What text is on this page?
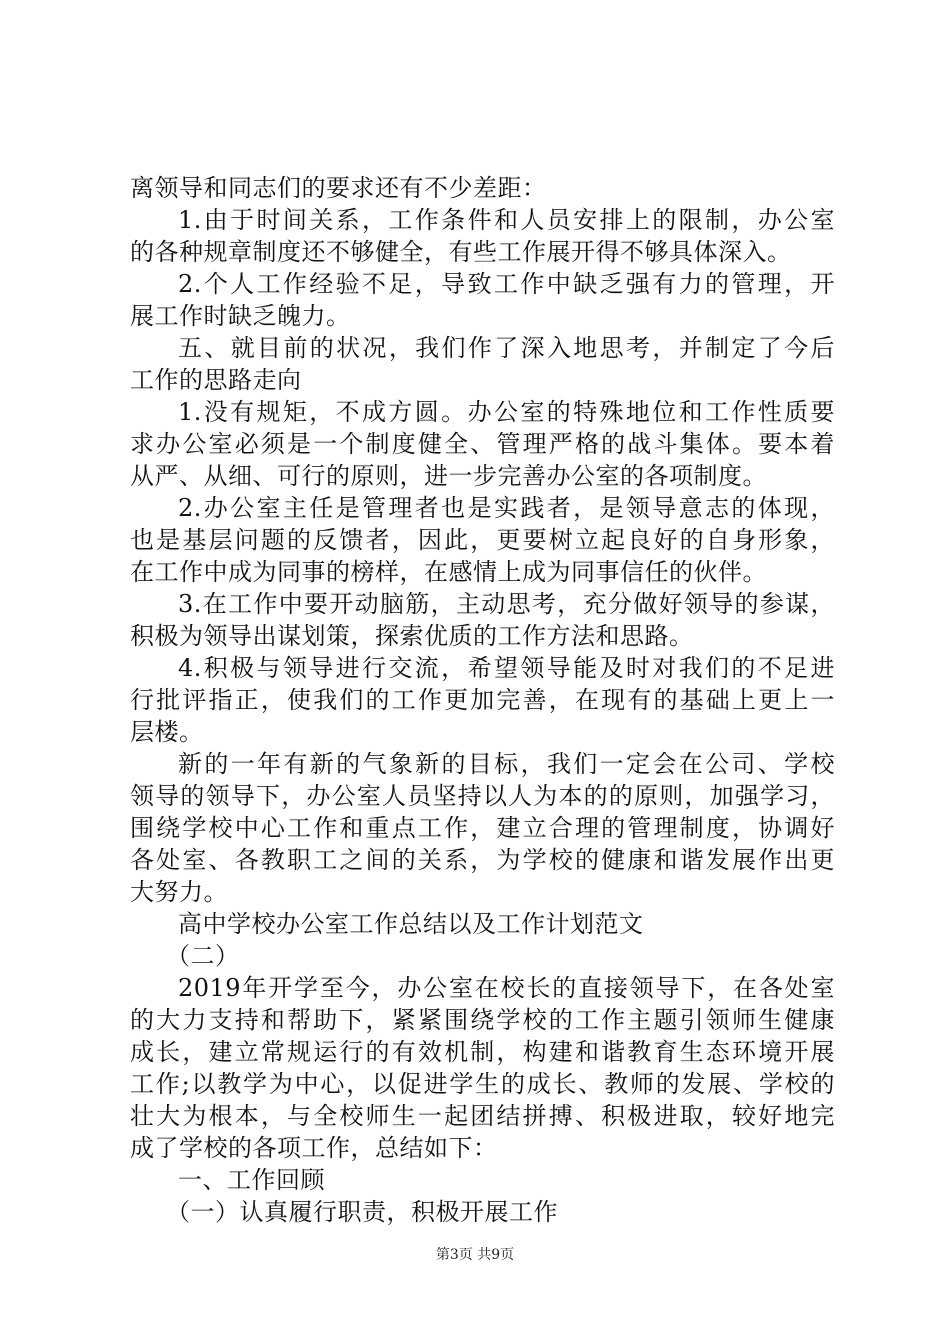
离领导和同志们的要求还有不少差距：
1.由于时间关系，工作条件和人员安排上的限制，办公室
的各种规章制度还不够健全，有些工作展开得不够具体深入。
2.个人工作经验不足，导致工作中缺乏强有力的管理，开
展工作时缺乏魄力。
五、就目前的状况，我们作了深入地思考，并制定了今后
工作的思路走向
1.没有规矩，不成方圆。办公室的特殊地位和工作性质要
求办公室必须是一个制度健全、管理严格的战斗集体。要本着
从严、从细、可行的原则，进一步完善办公室的各项制度。
2.办公室主任是管理者也是实践者，是领导意志的体现，
也是基层问题的反馈者，因此，更要树立起良好的自身形象，
在工作中成为同事的榜样，在感情上成为同事信任的伙伴。
3.在工作中要开动脑筋，主动思考，充分做好领导的参谋，
积极为领导出谋划策，探索优质的工作方法和思路。
4.积极与领导进行交流，希望领导能及时对我们的不足进
行批评指正，使我们的工作更加完善，在现有的基础上更上一
层楼。
新的一年有新的气象新的目标，我们一定会在公司、学校
领导的领导下，办公室人员坚持以人为本的的原则，加强学习，
围绕学校中心工作和重点工作，建立合理的管理制度，协调好
各处室、各教职工之间的关系，为学校的健康和谐发展作出更
大努力。
高中学校办公室工作总结以及工作计划范文
（二）
2019年开学至今，办公室在校长的直接领导下，在各处室
的大力支持和帮助下，紧紧围绕学校的工作主题引领师生健康
成长，建立常规运行的有效机制，构建和谐教育生态环境开展
工作;以教学为中心，以促进学生的成长、教师的发展、学校的
壮大为根本，与全校师生一起团结拼搏、积极进取，较好地完
成了学校的各项工作，总结如下：
一、工作回顾
（一）认真履行职责，积极开展工作
第3页 共9页
